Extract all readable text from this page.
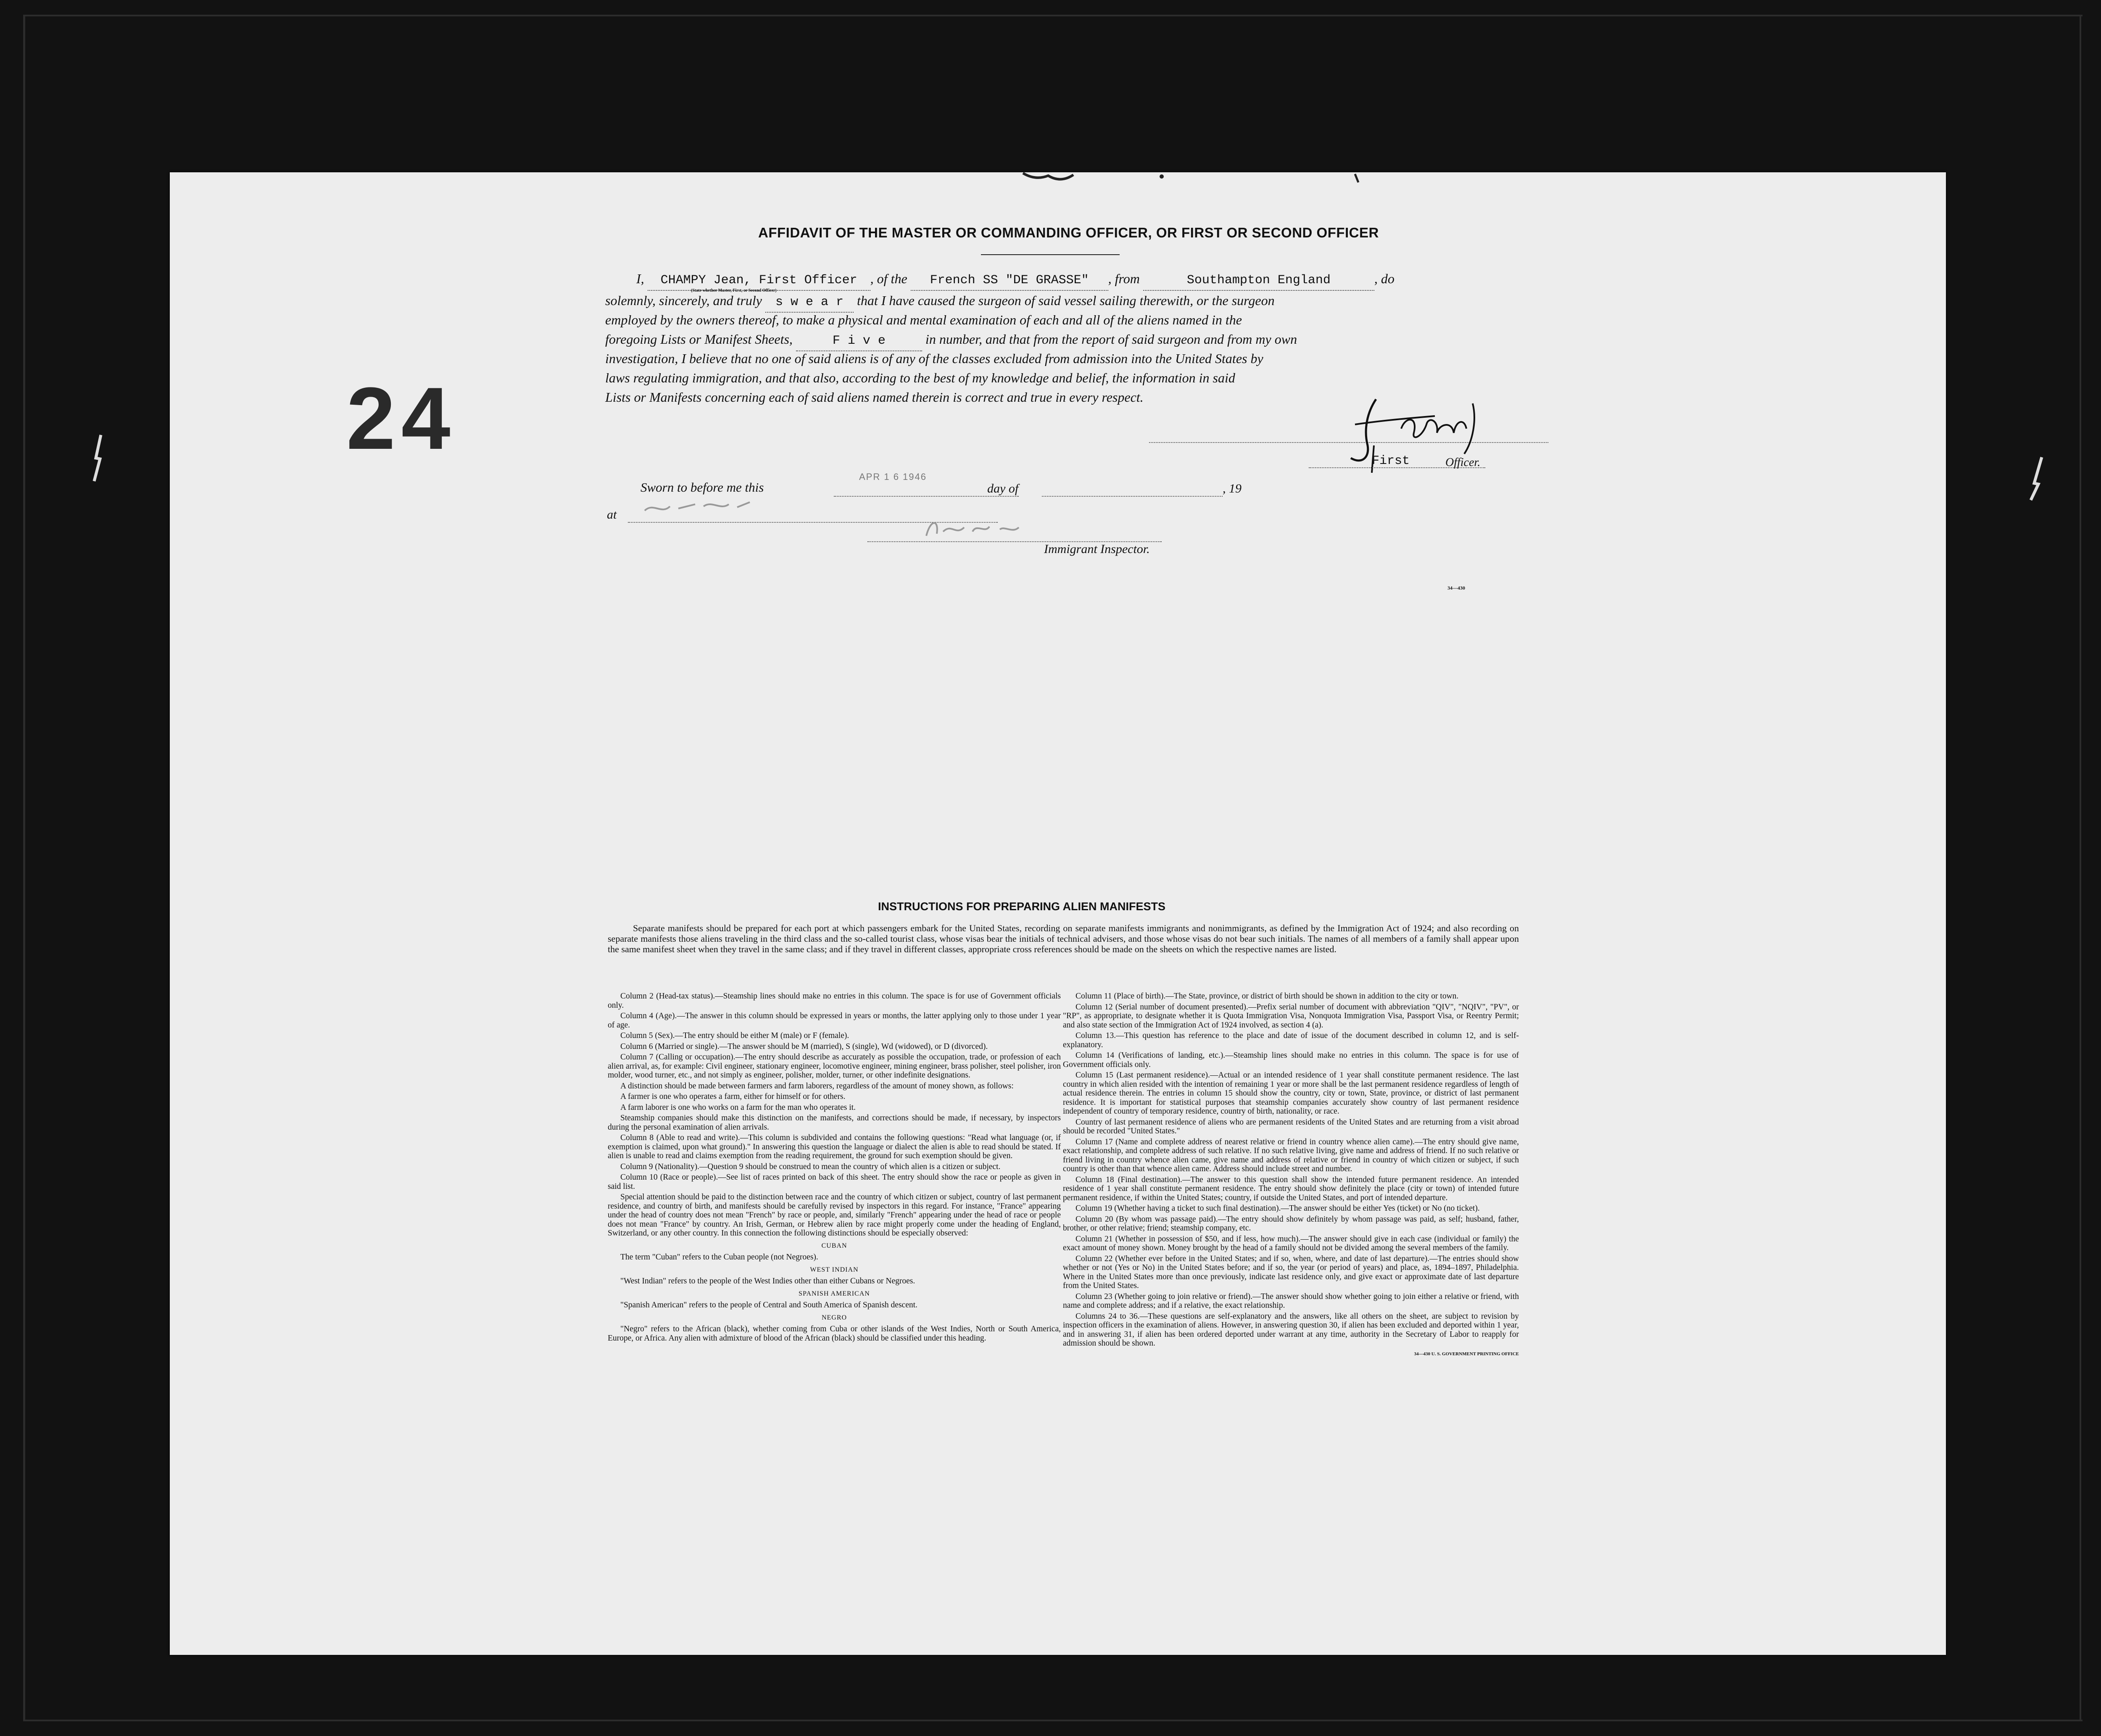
24
AFFIDAVIT OF THE MASTER OR COMMANDING OFFICER, OR FIRST OR SECOND OFFICER
I, CHAMPY Jean, First Officer , of the French SS "DE GRASSE" , from	Southampton England	, do
(State whether Master, First, or Second Officer)
solemnly, sincerely, and truly s w e a r that I have caused the surgeon of said vessel sailing therewith, or the surgeon
employed by the owners thereof, to make a physical and mental examination of each and all of the aliens named in the
foregoing Lists or Manifest Sheets,	F i v e	in number, and that from the report of said surgeon and from my own
investigation, I believe that no one of said aliens is of any of the classes excluded from admission into the United States by
laws regulating immigration, and that also, according to the best of my knowledge and belief, the information in said
Lists or Manifests concerning each of said aliens named therein is correct and true in every respect.
First	Officer.
Sworn to before me this
APR 1 6 1946
day of	, 19
at
Immigrant Inspector.
34—430
INSTRUCTIONS FOR PREPARING ALIEN MANIFESTS
Separate manifests should be prepared for each port at which passengers embark for the United States, recording on separate manifests immigrants and nonimmigrants, as defined by the Immigration Act of 1924; and also recording on separate manifests those aliens traveling in the third class and the so-called tourist class, whose visas bear the initials of technical advisers, and those whose visas do not bear such initials. The names of all members of a family shall appear upon the same manifest sheet when they travel in the same class; and if they travel in different classes, appropriate cross references should be made on the sheets on which the respective names are listed.

Column 2 (Head-tax status).—Steamship lines should make no entries in this column. The space is for use of Government officials only.

Column 4 (Age).—The answer in this column should be expressed in years or months, the latter applying only to those under 1 year of age.

Column 5 (Sex).—The entry should be either M (male) or F (female).

Column 6 (Married or single).—The answer should be M (married), S (single), Wd (widowed), or D (divorced).

Column 7 (Calling or occupation).—The entry should describe as accurately as possible the occupation, trade, or profession of each alien arrival, as, for example: Civil engineer, stationary engineer, locomotive engineer, mining engineer, brass polisher, steel polisher, iron molder, wood turner, etc., and not simply as engineer, polisher, molder, turner, or other indefinite designations.

A distinction should be made between farmers and farm laborers, regardless of the amount of money shown, as follows:

A farmer is one who operates a farm, either for himself or for others.

A farm laborer is one who works on a farm for the man who operates it.

Steamship companies should make this distinction on the manifests, and corrections should be made, if necessary, by inspectors during the personal examination of alien arrivals.

Column 8 (Able to read and write).—This column is subdivided and contains the following questions: "Read what language (or, if exemption is claimed, upon what ground)." In answering this question the language or dialect the alien is able to read should be stated. If alien is unable to read and claims exemption from the reading requirement, the ground for such exemption should be given.

Column 9 (Nationality).—Question 9 should be construed to mean the country of which alien is a citizen or subject.

Column 10 (Race or people).—See list of races printed on back of this sheet. The entry should show the race or people as given in said list.

Special attention should be paid to the distinction between race and the country of which citizen or subject, country of last permanent residence, and country of birth, and manifests should be carefully revised by inspectors in this regard. For instance, "France" appearing under the head of country does not mean "French" by race or people, and, similarly "French" appearing under the head of race or people does not mean "France" by country. An Irish, German, or Hebrew alien by race might properly come under the heading of England, Switzerland, or any other country. In this connection the following distinctions should be especially observed:

CUBAN

The term "Cuban" refers to the Cuban people (not Negroes).

WEST INDIAN

"West Indian" refers to the people of the West Indies other than either Cubans or Negroes.

SPANISH AMERICAN

"Spanish American" refers to the people of Central and South America of Spanish descent.

NEGRO

"Negro" refers to the African (black), whether coming from Cuba or other islands of the West Indies, North or South America, Europe, or Africa. Any alien with admixture of blood of the African (black) should be classified under this heading.

Column 11 (Place of birth).—The State, province, or district of birth should be shown in addition to the city or town.

Column 12 (Serial number of document presented).—Prefix serial number of document with abbreviation "QIV", "NQIV", "PV", or "RP", as appropriate, to designate whether it is Quota Immigration Visa, Nonquota Immigration Visa, Passport Visa, or Reentry Permit; and also state section of the Immigration Act of 1924 involved, as section 4 (a).

Column 13.—This question has reference to the place and date of issue of the document described in column 12, and is self-explanatory.

Column 14 (Verifications of landing, etc.).—Steamship lines should make no entries in this column. The space is for use of Government officials only.

Column 15 (Last permanent residence).—Actual or an intended residence of 1 year shall constitute permanent residence. The last country in which alien resided with the intention of remaining 1 year or more shall be the last permanent residence regardless of length of actual residence therein. The entries in column 15 should show the country, city or town, State, province, or district of last permanent residence. It is important for statistical purposes that steamship companies accurately show country of last permanent residence independent of country of temporary residence, country of birth, nationality, or race.

Country of last permanent residence of aliens who are permanent residents of the United States and are returning from a visit abroad should be recorded "United States."

Column 17 (Name and complete address of nearest relative or friend in country whence alien came).—The entry should give name, exact relationship, and complete address of such relative. If no such relative living, give name and address of friend. If no such relative or friend living in country whence alien came, give name and address of relative or friend in country of which citizen or subject, if such country is other than that whence alien came. Address should include street and number.

Column 18 (Final destination).—The answer to this question shall show the intended future permanent residence. An intended residence of 1 year shall constitute permanent residence. The entry should show definitely the place (city or town) of intended future permanent residence, if within the United States; country, if outside the United States, and port of intended departure.

Column 19 (Whether having a ticket to such final destination).—The answer should be either Yes (ticket) or No (no ticket).

Column 20 (By whom was passage paid).—The entry should show definitely by whom passage was paid, as self; husband, father, brother, or other relative; friend; steamship company, etc.

Column 21 (Whether in possession of $50, and if less, how much).—The answer should give in each case (individual or family) the exact amount of money shown. Money brought by the head of a family should not be divided among the several members of the family.

Column 22 (Whether ever before in the United States; and if so, when, where, and date of last departure).—The entries should show whether or not (Yes or No) in the United States before; and if so, the year (or period of years) and place, as, 1894–1897, Philadelphia. Where in the United States more than once previously, indicate last residence only, and give exact or approximate date of last departure from the United States.

Column 23 (Whether going to join relative or friend).—The answer should show whether going to join either a relative or friend, with name and complete address; and if a relative, the exact relationship.

Columns 24 to 36.—These questions are self-explanatory and the answers, like all others on the sheet, are subject to revision by inspection officers in the examination of aliens. However, in answering question 30, if alien has been excluded and deported within 1 year, and in answering 31, if alien has been ordered deported under warrant at any time, authority in the Secretary of Labor to reapply for admission should be shown.

34—430 U. S. GOVERNMENT PRINTING OFFICE
